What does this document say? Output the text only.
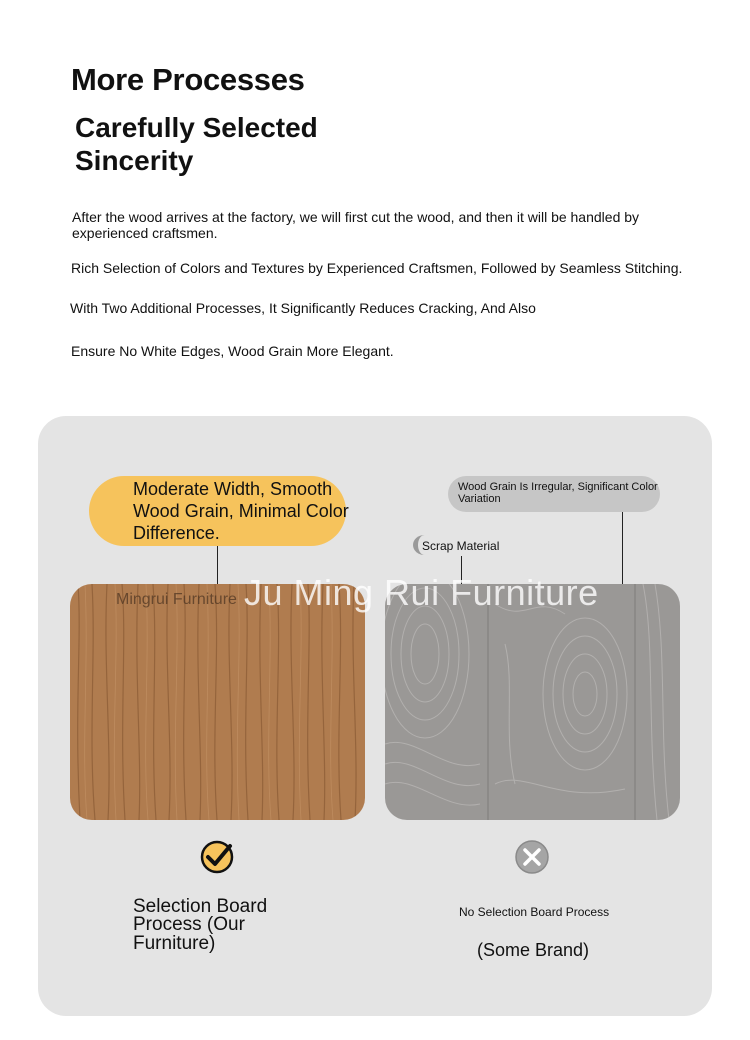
More Processes
Carefully Selected Sincerity
After the wood arrives at the factory, we will first cut the wood, and then it will be handled by experienced craftsmen.
Rich Selection of Colors and Textures by Experienced Craftsmen, Followed by Seamless Stitching.
With Two Additional Processes, It Significantly Reduces Cracking, And Also
Ensure No White Edges, Wood Grain More Elegant.
Moderate Width, Smooth Wood Grain, Minimal Color Difference.
Wood Grain Is Irregular, Significant Color Variation
Scrap Material
Mingrui Furniture Ju Ming Rui Furniture
Selection Board
Process (Our Furniture)
No Selection Board Process
(Some Brand)
